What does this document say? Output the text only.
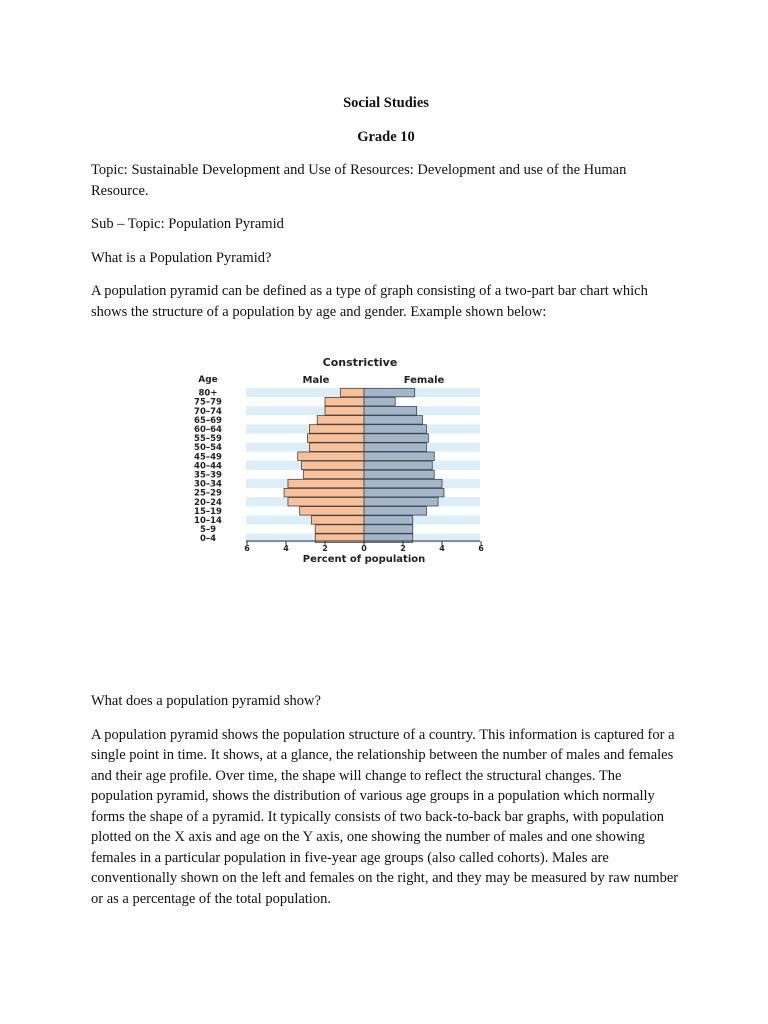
Social Studies

Grade 10

Topic: Sustainable Development and Use of Resources: Development and use of the Human Resource.

Sub – Topic: Population Pyramid

What is a Population Pyramid?

A population pyramid can be defined as a type of graph consisting of a two-part bar chart which shows the structure of a population by age and gender. Example shown below:

Constrictive
Age	Male	Female
80+
75–79
70–74
65–69
60–64
55–59
50–54
45–49
40–44
35–39
30–34
25–29
20–24
15–19
10–14
5–9
0–4
6	4	2	0	2	4	6
Percent of population

What does a population pyramid show?

A population pyramid shows the population structure of a country. This information is captured for a single point in time. It shows, at a glance, the relationship between the number of males and females and their age profile. Over time, the shape will change to reflect the structural changes. The population pyramid, shows the distribution of various age groups in a population which normally forms the shape of a pyramid. It typically consists of two back-to-back bar graphs, with population plotted on the X axis and age on the Y axis, one showing the number of males and one showing females in a particular population in five-year age groups (also called cohorts). Males are conventionally shown on the left and females on the right, and they may be measured by raw number or as a percentage of the total population.
